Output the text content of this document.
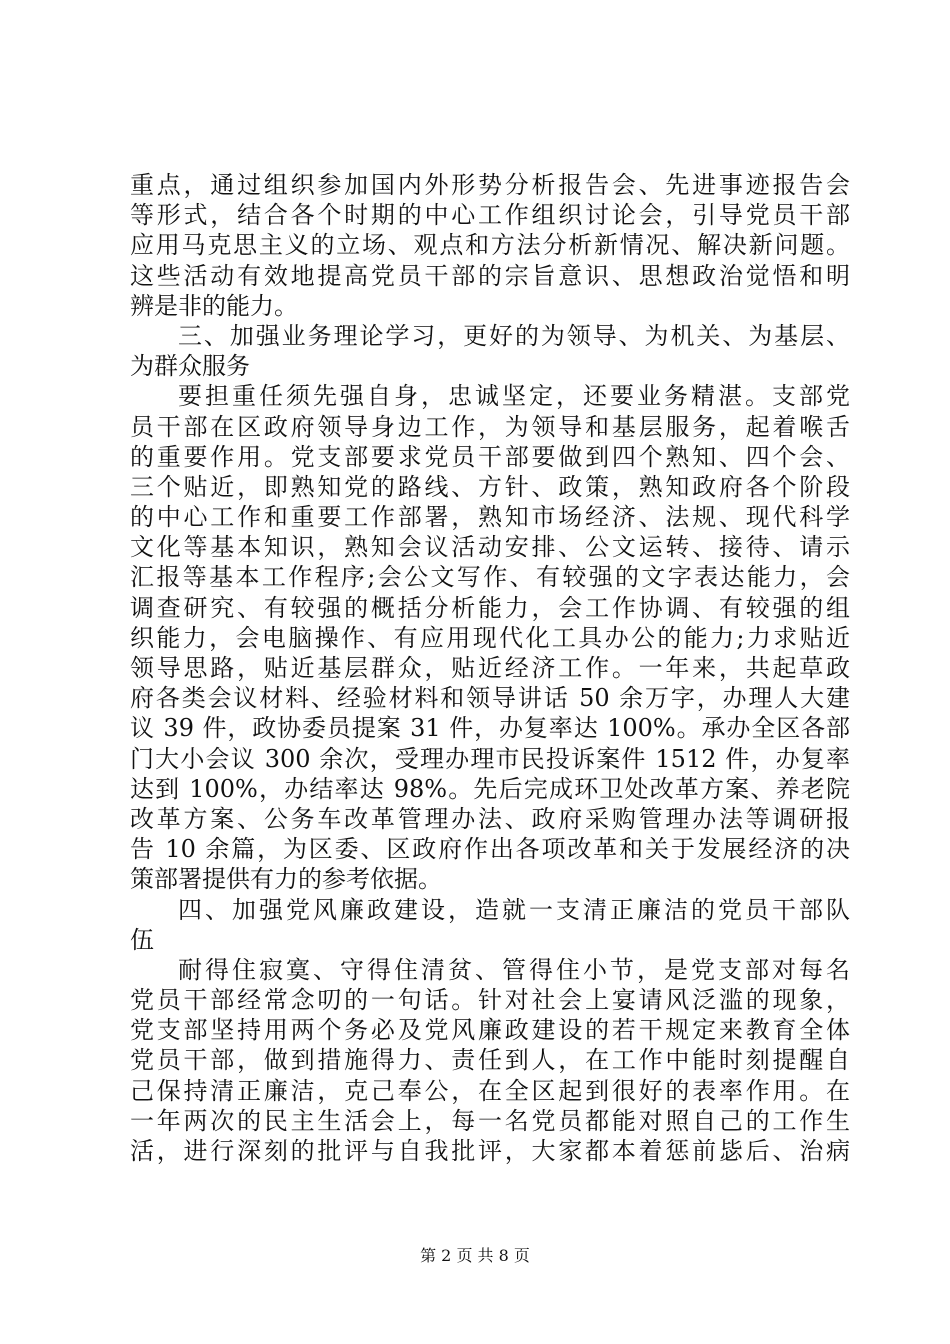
重点，通过组织参加国内外形势分析报告会、先进事迹报告会
等形式，结合各个时期的中心工作组织讨论会，引导党员干部
应用马克思主义的立场、观点和方法分析新情况、解决新问题。
这些活动有效地提高党员干部的宗旨意识、思想政治觉悟和明
辨是非的能力。
三、加强业务理论学习，更好的为领导、为机关、为基层、
为群众服务
要担重任须先强自身，忠诚坚定，还要业务精湛。支部党
员干部在区政府领导身边工作，为领导和基层服务，起着喉舌
的重要作用。党支部要求党员干部要做到四个熟知、四个会、
三个贴近，即熟知党的路线、方针、政策，熟知政府各个阶段
的中心工作和重要工作部署，熟知市场经济、法规、现代科学
文化等基本知识，熟知会议活动安排、公文运转、接待、请示
汇报等基本工作程序;会公文写作、有较强的文字表达能力，会
调查研究、有较强的概括分析能力，会工作协调、有较强的组
织能力，会电脑操作、有应用现代化工具办公的能力;力求贴近
领导思路，贴近基层群众，贴近经济工作。一年来，共起草政
府各类会议材料、经验材料和领导讲话 50 余万字，办理人大建
议 39 件，政协委员提案 31 件，办复率达 100%。承办全区各部
门大小会议 300 余次，受理办理市民投诉案件 1512 件，办复率
达到 100%，办结率达 98%。先后完成环卫处改革方案、养老院
改革方案、公务车改革管理办法、政府采购管理办法等调研报
告 10 余篇，为区委、区政府作出各项改革和关于发展经济的决
策部署提供有力的参考依据。
四、加强党风廉政建设，造就一支清正廉洁的党员干部队
伍
耐得住寂寞、守得住清贫、管得住小节，是党支部对每名
党员干部经常念叨的一句话。针对社会上宴请风泛滥的现象，
党支部坚持用两个务必及党风廉政建设的若干规定来教育全体
党员干部，做到措施得力、责任到人，在工作中能时刻提醒自
己保持清正廉洁，克己奉公，在全区起到很好的表率作用。在
一年两次的民主生活会上，每一名党员都能对照自己的工作生
活，进行深刻的批评与自我批评，大家都本着惩前毖后、治病
第 2 页 共 8 页
